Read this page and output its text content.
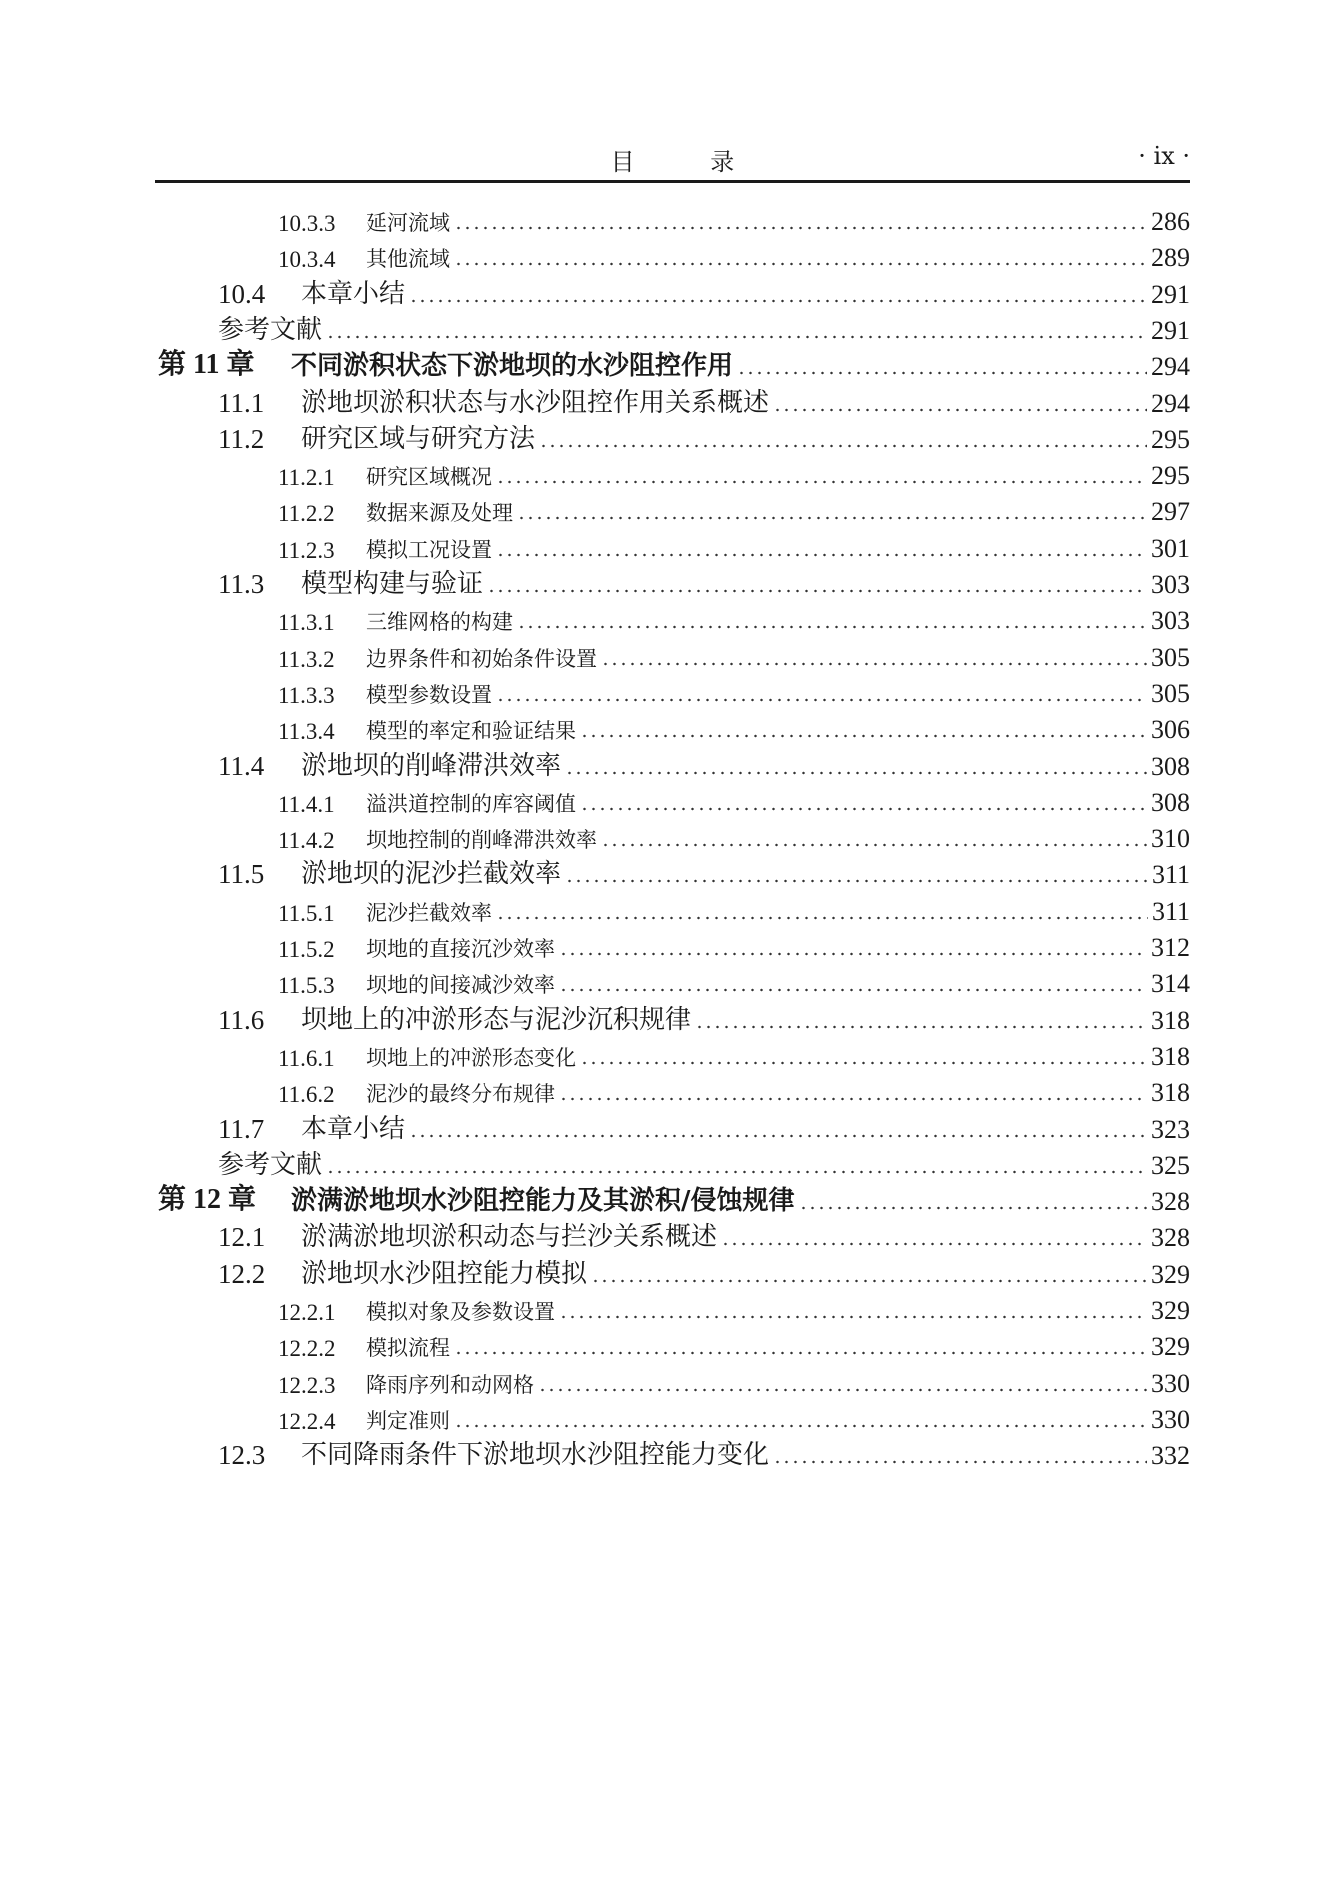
目 录	· ix ·
10.3.3	延河流域	286
10.3.4	其他流域	289
10.4	本章小结	291
参考文献	291
第 11 章	不同淤积状态下淤地坝的水沙阻控作用	294
11.1	淤地坝淤积状态与水沙阻控作用关系概述	294
11.2	研究区域与研究方法	295
11.2.1	研究区域概况	295
11.2.2	数据来源及处理	297
11.2.3	模拟工况设置	301
11.3	模型构建与验证	303
11.3.1	三维网格的构建	303
11.3.2	边界条件和初始条件设置	305
11.3.3	模型参数设置	305
11.3.4	模型的率定和验证结果	306
11.4	淤地坝的削峰滞洪效率	308
11.4.1	溢洪道控制的库容阈值	308
11.4.2	坝地控制的削峰滞洪效率	310
11.5	淤地坝的泥沙拦截效率	311
11.5.1	泥沙拦截效率	311
11.5.2	坝地的直接沉沙效率	312
11.5.3	坝地的间接减沙效率	314
11.6	坝地上的冲淤形态与泥沙沉积规律	318
11.6.1	坝地上的冲淤形态变化	318
11.6.2	泥沙的最终分布规律	318
11.7	本章小结	323
参考文献	325
第 12 章	淤满淤地坝水沙阻控能力及其淤积/侵蚀规律	328
12.1	淤满淤地坝淤积动态与拦沙关系概述	328
12.2	淤地坝水沙阻控能力模拟	329
12.2.1	模拟对象及参数设置	329
12.2.2	模拟流程	329
12.2.3	降雨序列和动网格	330
12.2.4	判定准则	330
12.3	不同降雨条件下淤地坝水沙阻控能力变化	332
